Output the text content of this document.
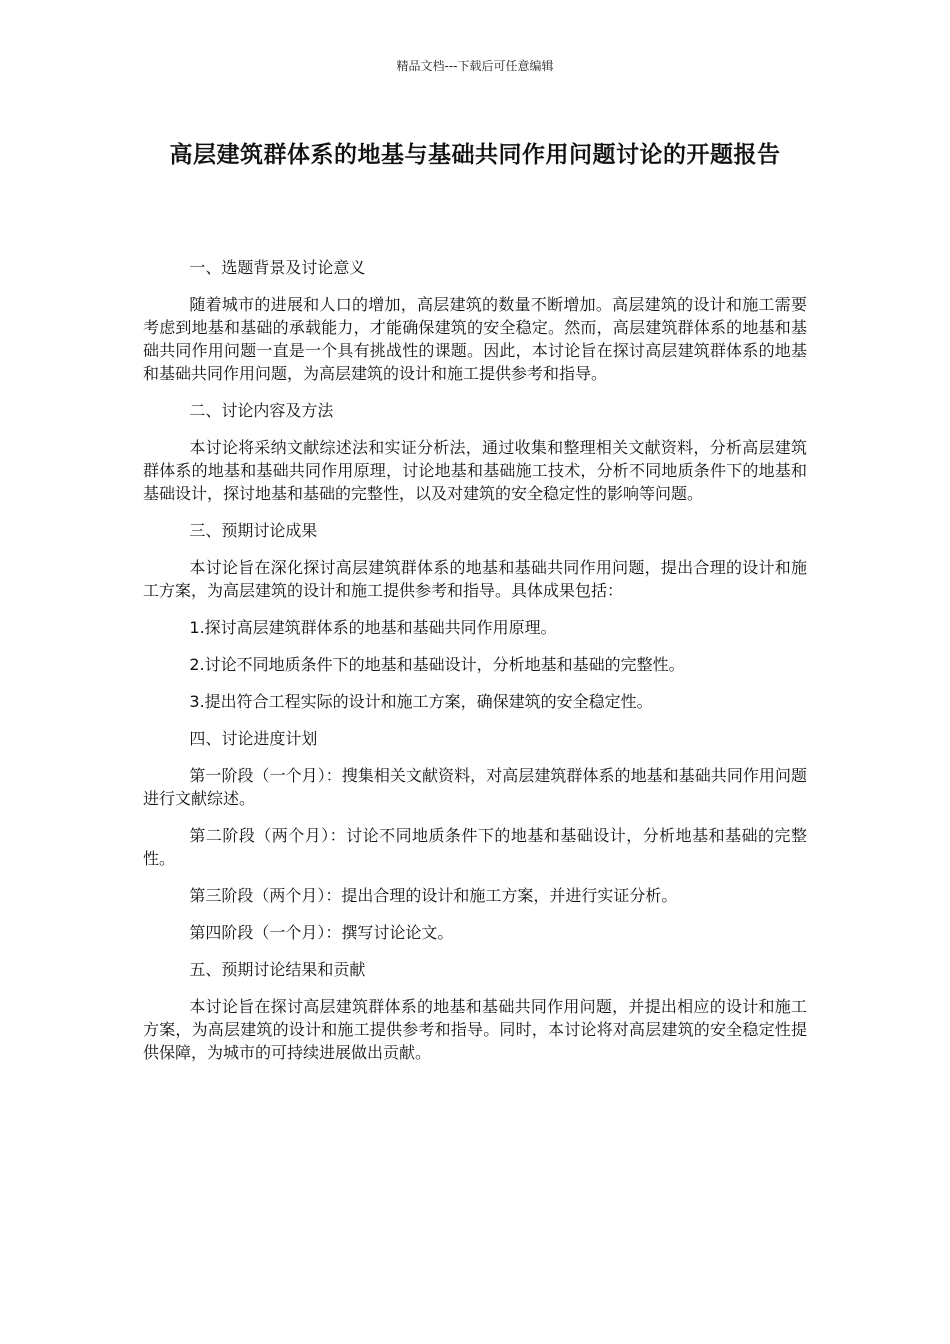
精品文档---下载后可任意编辑
高层建筑群体系的地基与基础共同作用问题讨论的开题报告

一、选题背景及讨论意义

随着城市的进展和人口的增加，高层建筑的数量不断增加。高层建筑的设计和施工需要考虑到地基和基础的承载能力，才能确保建筑的安全稳定。然而，高层建筑群体系的地基和基础共同作用问题一直是一个具有挑战性的课题。因此，本讨论旨在探讨高层建筑群体系的地基和基础共同作用问题，为高层建筑的设计和施工提供参考和指导。

二、讨论内容及方法

本讨论将采纳文献综述法和实证分析法，通过收集和整理相关文献资料，分析高层建筑群体系的地基和基础共同作用原理，讨论地基和基础施工技术，分析不同地质条件下的地基和基础设计，探讨地基和基础的完整性，以及对建筑的安全稳定性的影响等问题。

三、预期讨论成果

本讨论旨在深化探讨高层建筑群体系的地基和基础共同作用问题，提出合理的设计和施工方案，为高层建筑的设计和施工提供参考和指导。具体成果包括：

1.探讨高层建筑群体系的地基和基础共同作用原理。

2.讨论不同地质条件下的地基和基础设计，分析地基和基础的完整性。

3.提出符合工程实际的设计和施工方案，确保建筑的安全稳定性。

四、讨论进度计划

第一阶段（一个月）：搜集相关文献资料，对高层建筑群体系的地基和基础共同作用问题进行文献综述。

第二阶段（两个月）：讨论不同地质条件下的地基和基础设计，分析地基和基础的完整性。

第三阶段（两个月）：提出合理的设计和施工方案，并进行实证分析。

第四阶段（一个月）：撰写讨论论文。

五、预期讨论结果和贡献

本讨论旨在探讨高层建筑群体系的地基和基础共同作用问题，并提出相应的设计和施工方案，为高层建筑的设计和施工提供参考和指导。同时，本讨论将对高层建筑的安全稳定性提供保障，为城市的可持续进展做出贡献。
